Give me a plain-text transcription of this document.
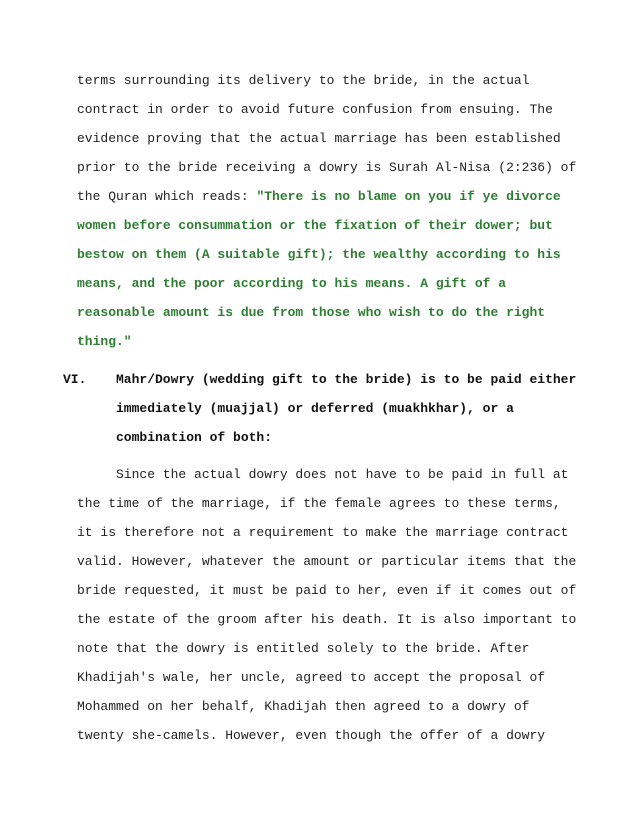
terms surrounding its delivery to the bride, in the actual
contract in order to avoid future confusion from ensuing. The
evidence proving that the actual marriage has been established
prior to the bride receiving a dowry is Surah Al-Nisa (2:236) of
the Quran which reads: "There is no blame on you if ye divorce
women before consummation or the fixation of their dower; but
bestow on them (A suitable gift); the wealthy according to his
means, and the poor according to his means. A gift of a
reasonable amount is due from those who wish to do the right
thing."
VI. Mahr/Dowry (wedding gift to the bride) is to be paid either
immediately (muajjal) or deferred (muakhkhar), or a
combination of both:
Since the actual dowry does not have to be paid in full at
the time of the marriage, if the female agrees to these terms,
it is therefore not a requirement to make the marriage contract
valid. However, whatever the amount or particular items that the
bride requested, it must be paid to her, even if it comes out of
the estate of the groom after his death. It is also important to
note that the dowry is entitled solely to the bride. After
Khadijah's wale, her uncle, agreed to accept the proposal of
Mohammed on her behalf, Khadijah then agreed to a dowry of
twenty she-camels. However, even though the offer of a dowry
